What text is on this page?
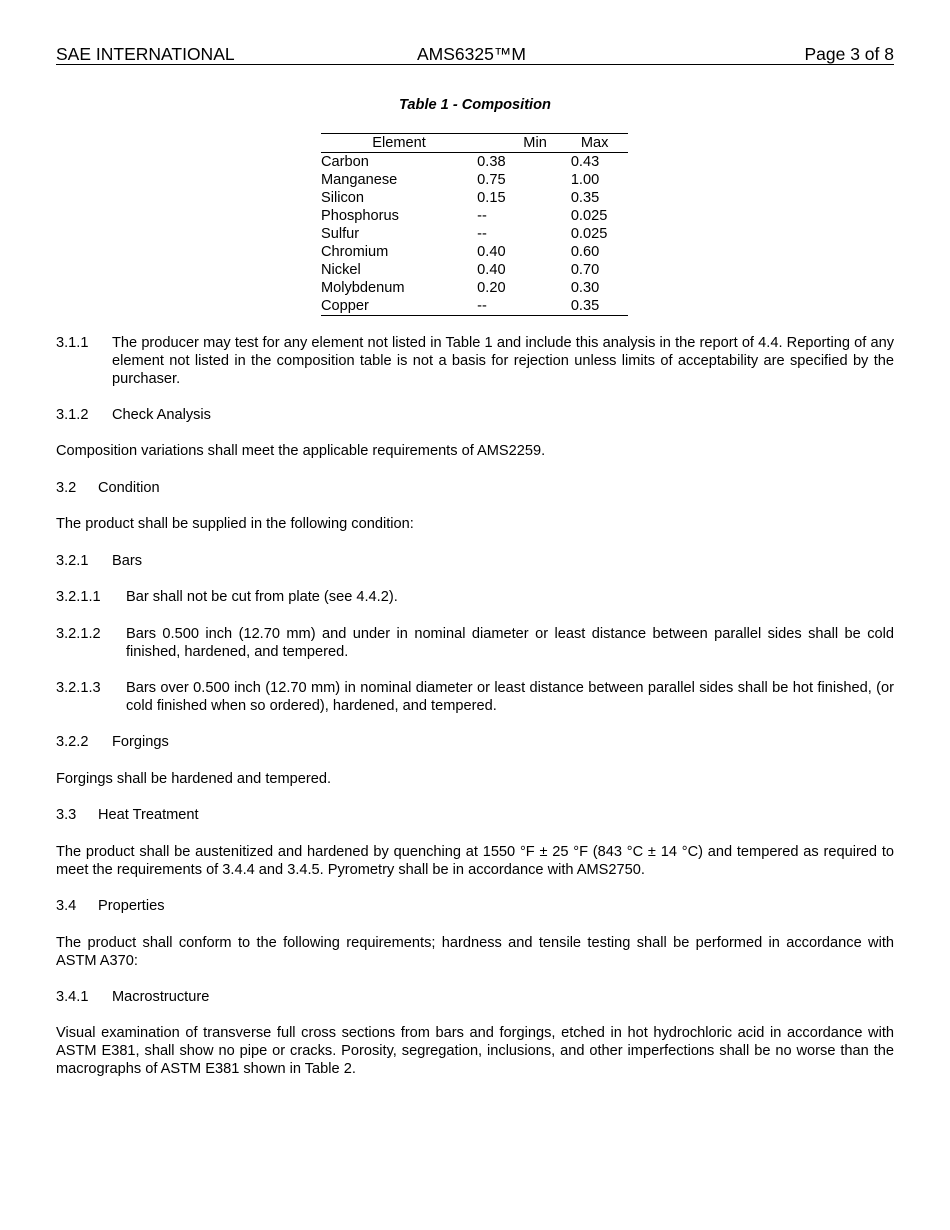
SAE INTERNATIONAL	AMS6325™M	Page 3 of 8
Table 1 - Composition
Element	Min	Max
Carbon	0.38	0.43
Manganese	0.75	1.00
Silicon	0.15	0.35
Phosphorus	--	0.025
Sulfur	--	0.025
Chromium	0.40	0.60
Nickel	0.40	0.70
Molybdenum	0.20	0.30
Copper	--	0.35
3.1.1 The producer may test for any element not listed in Table 1 and include this analysis in the report of 4.4. Reporting of any element not listed in the composition table is not a basis for rejection unless limits of acceptability are specified by the purchaser.
3.1.2 Check Analysis
Composition variations shall meet the applicable requirements of AMS2259.
3.2 Condition
The product shall be supplied in the following condition:
3.2.1 Bars
3.2.1.1 Bar shall not be cut from plate (see 4.4.2).
3.2.1.2 Bars 0.500 inch (12.70 mm) and under in nominal diameter or least distance between parallel sides shall be cold finished, hardened, and tempered.
3.2.1.3 Bars over 0.500 inch (12.70 mm) in nominal diameter or least distance between parallel sides shall be hot finished, (or cold finished when so ordered), hardened, and tempered.
3.2.2 Forgings
Forgings shall be hardened and tempered.
3.3 Heat Treatment
The product shall be austenitized and hardened by quenching at 1550 °F ± 25 °F (843 °C ± 14 °C) and tempered as required to meet the requirements of 3.4.4 and 3.4.5. Pyrometry shall be in accordance with AMS2750.
3.4 Properties
The product shall conform to the following requirements; hardness and tensile testing shall be performed in accordance with ASTM A370:
3.4.1 Macrostructure
Visual examination of transverse full cross sections from bars and forgings, etched in hot hydrochloric acid in accordance with ASTM E381, shall show no pipe or cracks. Porosity, segregation, inclusions, and other imperfections shall be no worse than the macrographs of ASTM E381 shown in Table 2.
